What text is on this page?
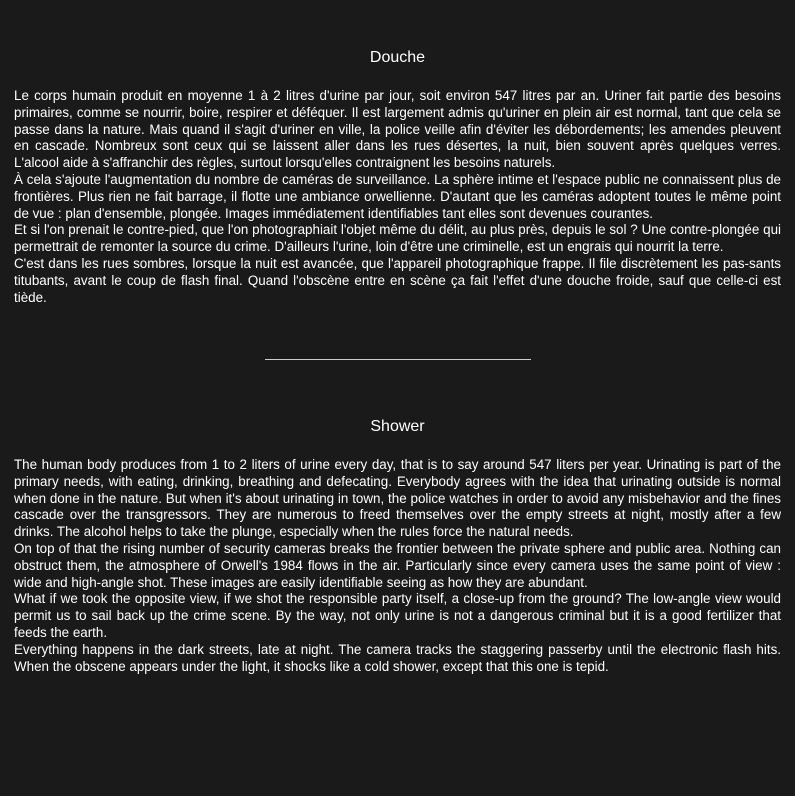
Douche

Le corps humain produit en moyenne 1 à 2 litres d'urine par jour, soit environ 547 litres par an. Uriner fait partie des besoins primaires, comme se nourrir, boire, respirer et déféquer. Il est largement admis qu'uriner en plein air est normal, tant que cela se passe dans la nature. Mais quand il s'agit d'uriner en ville, la police veille afin d'éviter les débordements; les amendes pleuvent en cascade. Nombreux sont ceux qui se laissent aller dans les rues désertes, la nuit, bien souvent après quelques verres. L'alcool aide à s'affranchir des règles, surtout lorsqu'elles contraignent les besoins naturels.

À cela s'ajoute l'augmentation du nombre de caméras de surveillance. La sphère intime et l'espace public ne connaissent plus de frontières. Plus rien ne fait barrage, il flotte une ambiance orwellienne. D'autant que les caméras adoptent toutes le même point de vue : plan d'ensemble, plongée. Images immédiatement identifiables tant elles sont devenues courantes.

Et si l'on prenait le contre-pied, que l'on photographiait l'objet même du délit, au plus près, depuis le sol ? Une contre-plongée qui permettrait de remonter la source du crime. D'ailleurs l'urine, loin d'être une criminelle, est un engrais qui nourrit la terre.

C'est dans les rues sombres, lorsque la nuit est avancée, que l'appareil photographique frappe. Il file discrètement les pas-sants titubants, avant le coup de flash final. Quand l'obscène entre en scène ça fait l'effet d'une douche froide, sauf que celle-ci est tiède.

Shower

The human body produces from 1 to 2 liters of urine every day, that is to say around 547 liters per year. Urinating is part of the primary needs, with eating, drinking, breathing and defecating. Everybody agrees with the idea that urinating outside is normal when done in the nature. But when it's about urinating in town, the police watches in order to avoid any misbehavior and the fines cascade over the transgressors. They are numerous to freed themselves over the empty streets at night, mostly after a few drinks. The alcohol helps to take the plunge, especially when the rules force the natural needs.

On top of that the rising number of security cameras breaks the frontier between the private sphere and public area. Nothing can obstruct them, the atmosphere of Orwell's 1984 flows in the air. Particularly since every camera uses the same point of view : wide and high-angle shot. These images are easily identifiable seeing as how they are abundant.

What if we took the opposite view, if we shot the responsible party itself, a close-up from the ground? The low-angle view would permit us to sail back up the crime scene. By the way, not only urine is not a dangerous criminal but it is a good fertilizer that feeds the earth.

Everything happens in the dark streets, late at night. The camera tracks the staggering passerby until the electronic flash hits. When the obscene appears under the light, it shocks like a cold shower, except that this one is tepid.
